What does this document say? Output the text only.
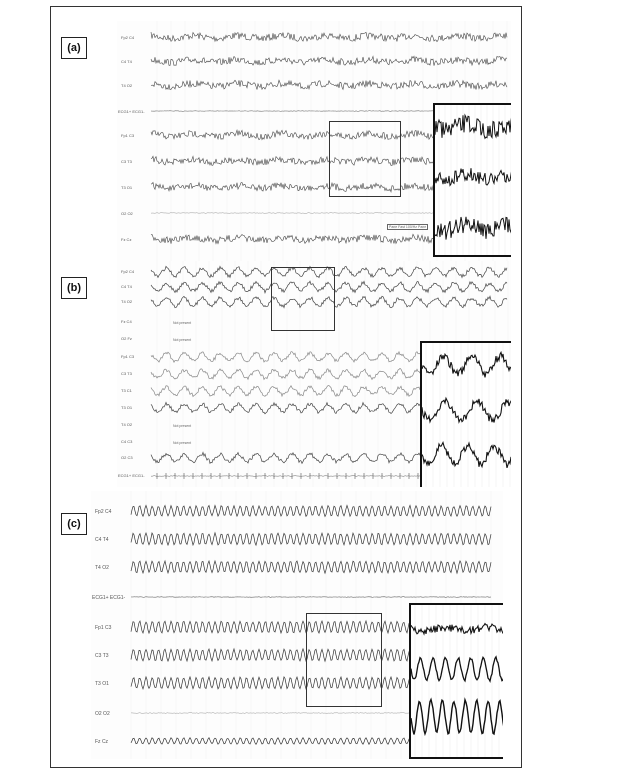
Fp2 C4
C4 T4
T4 O2
ECG1+ ECG1-
Fp1 C3
C3 T3
T3 O1
O2 O2
Fz Cz
Pane Fast 100/Hz Pane
(a)
Fp2 C4
C4 T4
T4 O2
Fz C4
O2 Fz
Fp1 C3
C3 T3
T3 C1
T3 O1
T4 O2
C4 C3
O2 C3
ECG1+ ECG1-
Not present
Not present
Not present
Not present
(b)
Fp2 C4
C4 T4
T4 O2
ECG1+ ECG1-
Fp1 C3
C3 T3
T3 O1
O2 O2
Fz Cz
(c)
